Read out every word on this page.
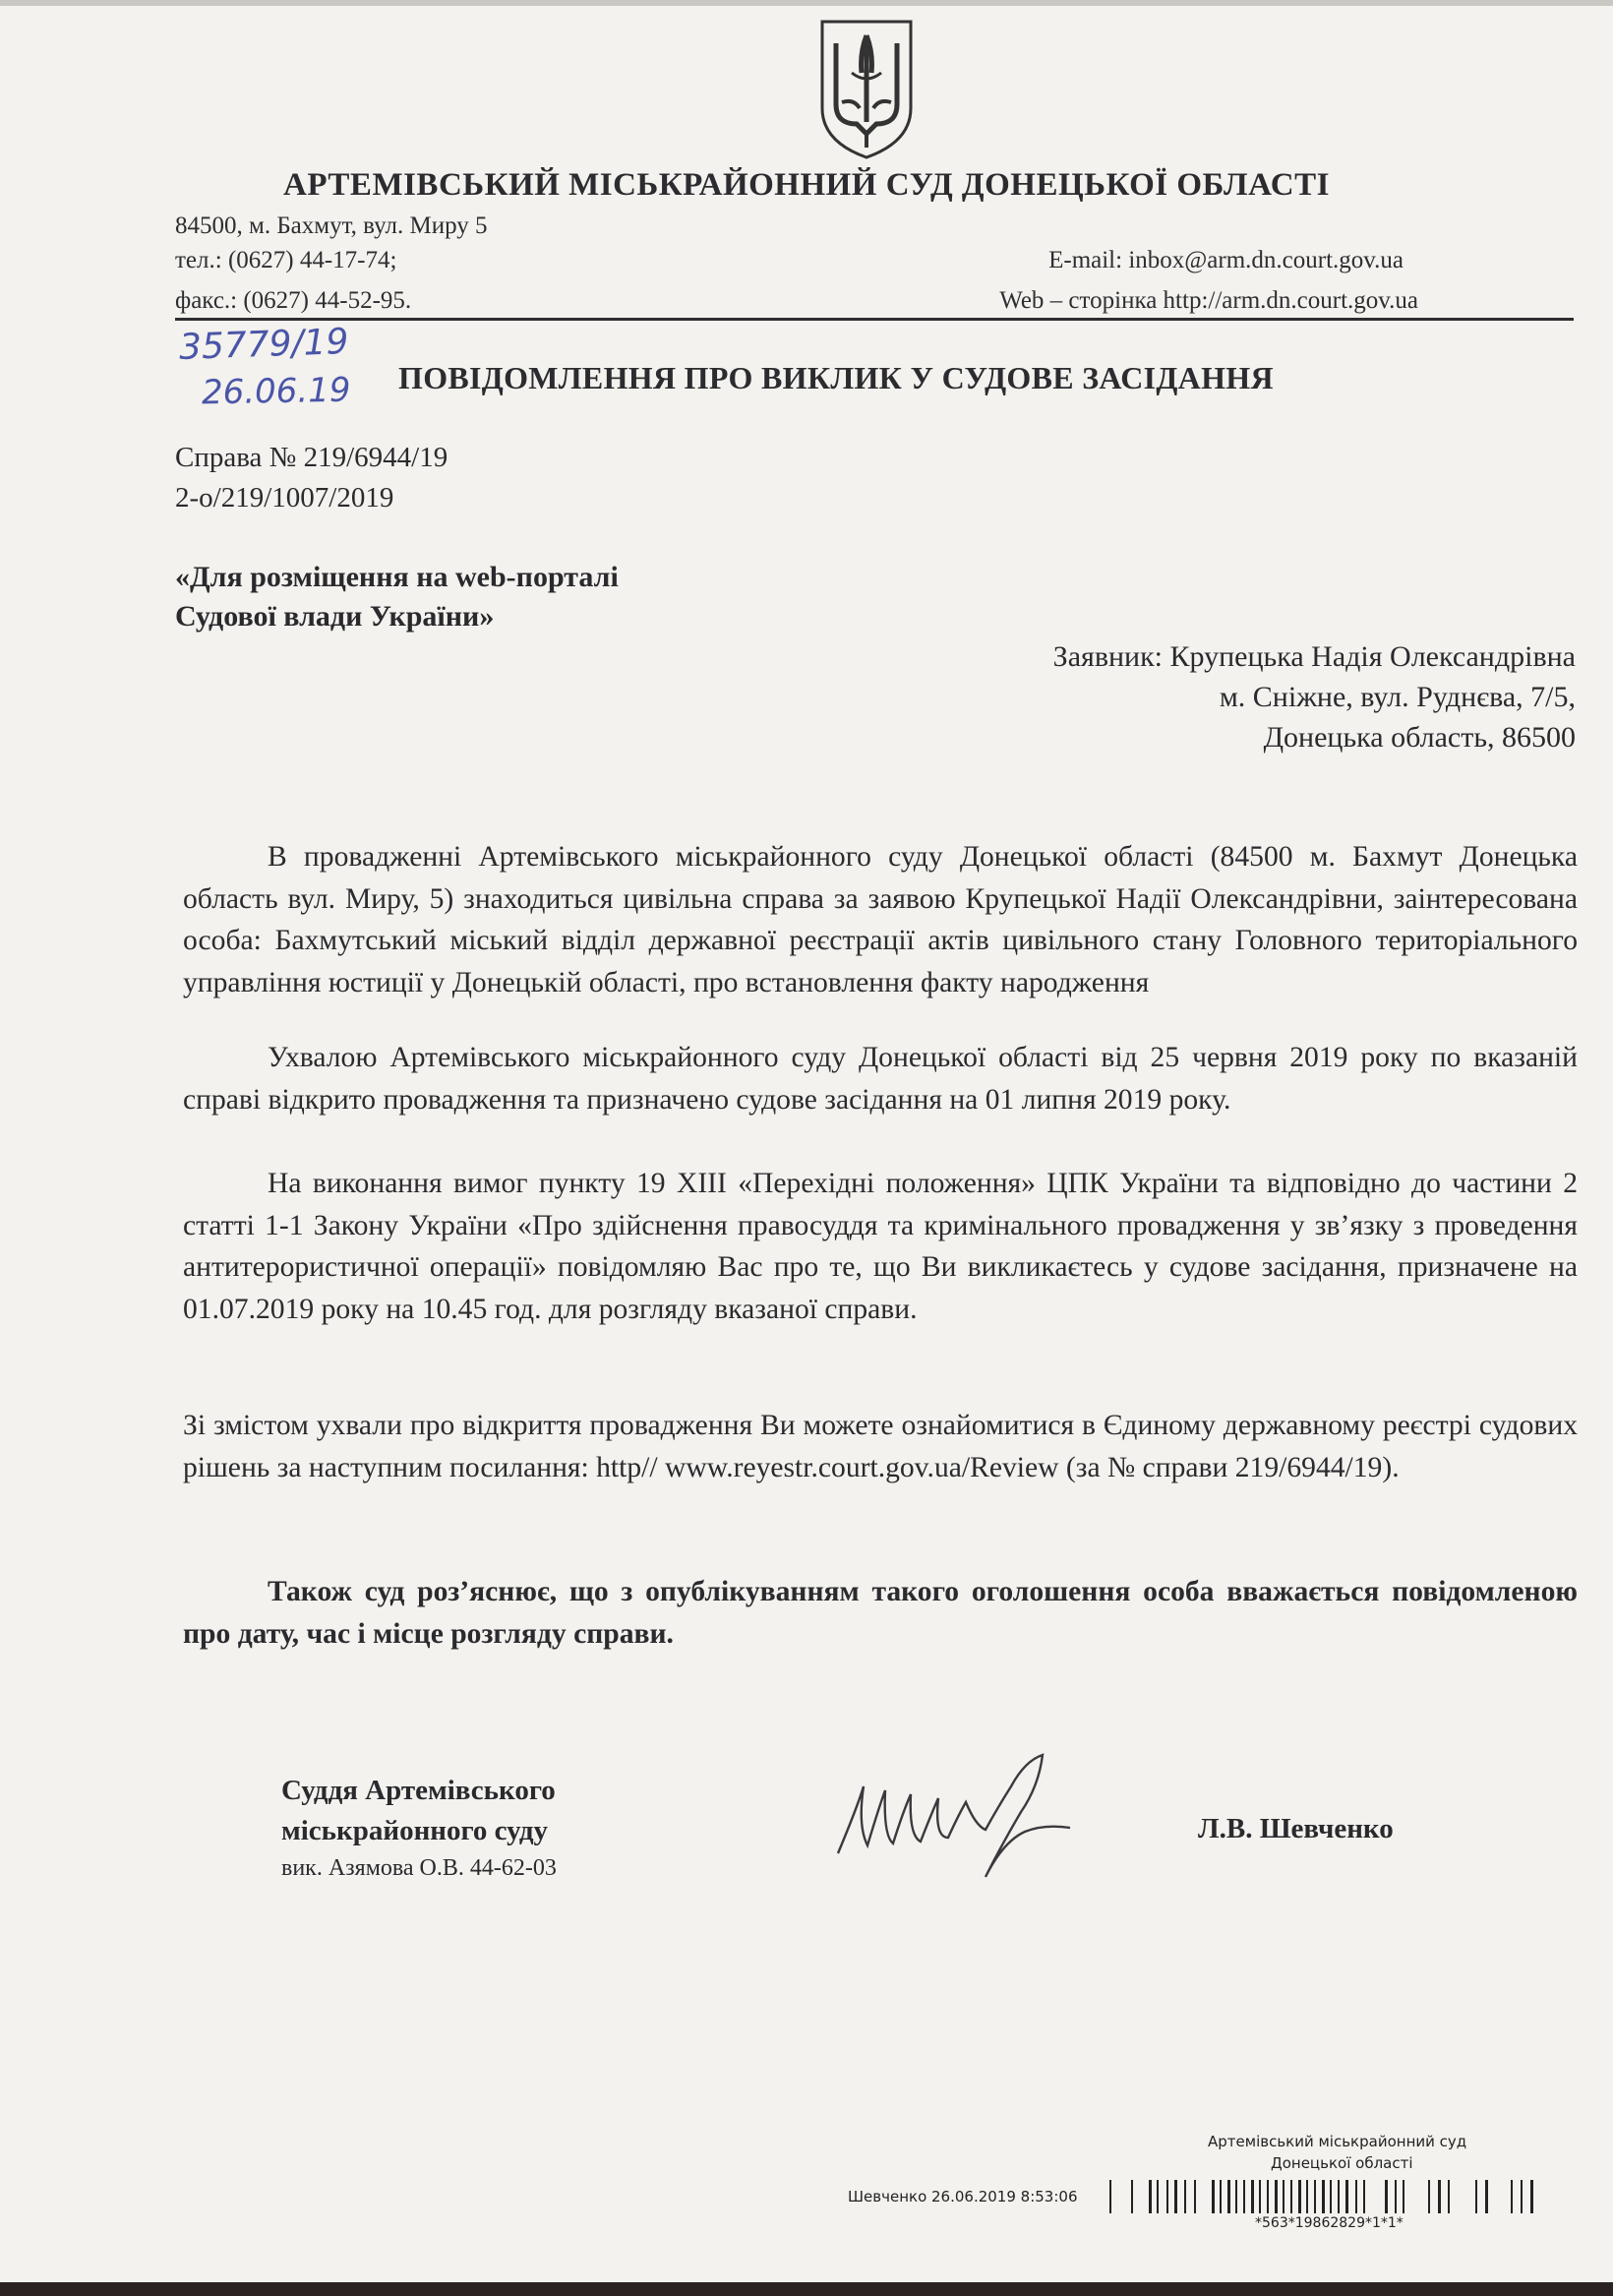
АРТЕМІВСЬКИЙ МІСЬКРАЙОННИЙ СУД ДОНЕЦЬКОЇ ОБЛАСТІ
84500, м. Бахмут, вул. Миру 5
тел.: (0627) 44-17-74;
факс.: (0627) 44-52-95.
E-mail: inbox@arm.dn.court.gov.ua
Web – сторінка http://arm.dn.court.gov.ua
35779/19
26.06.19 ПОВІДОМЛЕННЯ ПРО ВИКЛИК У СУДОВЕ ЗАСІДАННЯ
Справа № 219/6944/19
2-о/219/1007/2019
«Для розміщення на web-порталі
Судової влади України»
Заявник: Крупецька Надія Олександрівна
м. Сніжне, вул. Руднєва, 7/5,
Донецька область, 86500
В провадженні Артемівського міськрайонного суду Донецької області (84500 м. Бахмут Донецька область вул. Миру, 5) знаходиться цивільна справа за заявою Крупецької Надії Олександрівни, заінтересована особа: Бахмутський міський відділ державної реєстрації актів цивільного стану Головного територіального управління юстиції у Донецькій області, про встановлення факту народження
Ухвалою Артемівського міськрайонного суду Донецької області від 25 червня 2019 року по вказаній справі відкрито провадження та призначено судове засідання на 01 липня 2019 року.
На виконання вимог пункту 19 XIII «Перехідні положення» ЦПК України та відповідно до частини 2 статті 1-1 Закону України «Про здійснення правосуддя та кримінального провадження у зв’язку з проведення антитерористичної операції» повідомляю Вас про те, що Ви викликаєтесь у судове засідання, призначене на 01.07.2019 року на 10.45 год. для розгляду вказаної справи.
Зі змістом ухвали про відкриття провадження Ви можете ознайомитися в Єдиному державному реєстрі судових рішень за наступним посилання: http// www.reyestr.court.gov.ua/Review (за № справи 219/6944/19).
Також суд роз’яснює, що з опублікуванням такого оголошення особа вважається повідомленою про дату, час і місце розгляду справи.
Суддя Артемівського
міськрайонного суду
вик. Азямова О.В. 44-62-03
Л.В. Шевченко
Артемівський міськрайонний суд
Донецької області
Шевченко 26.06.2019 8:53:06
*563*19862829*1*1*
